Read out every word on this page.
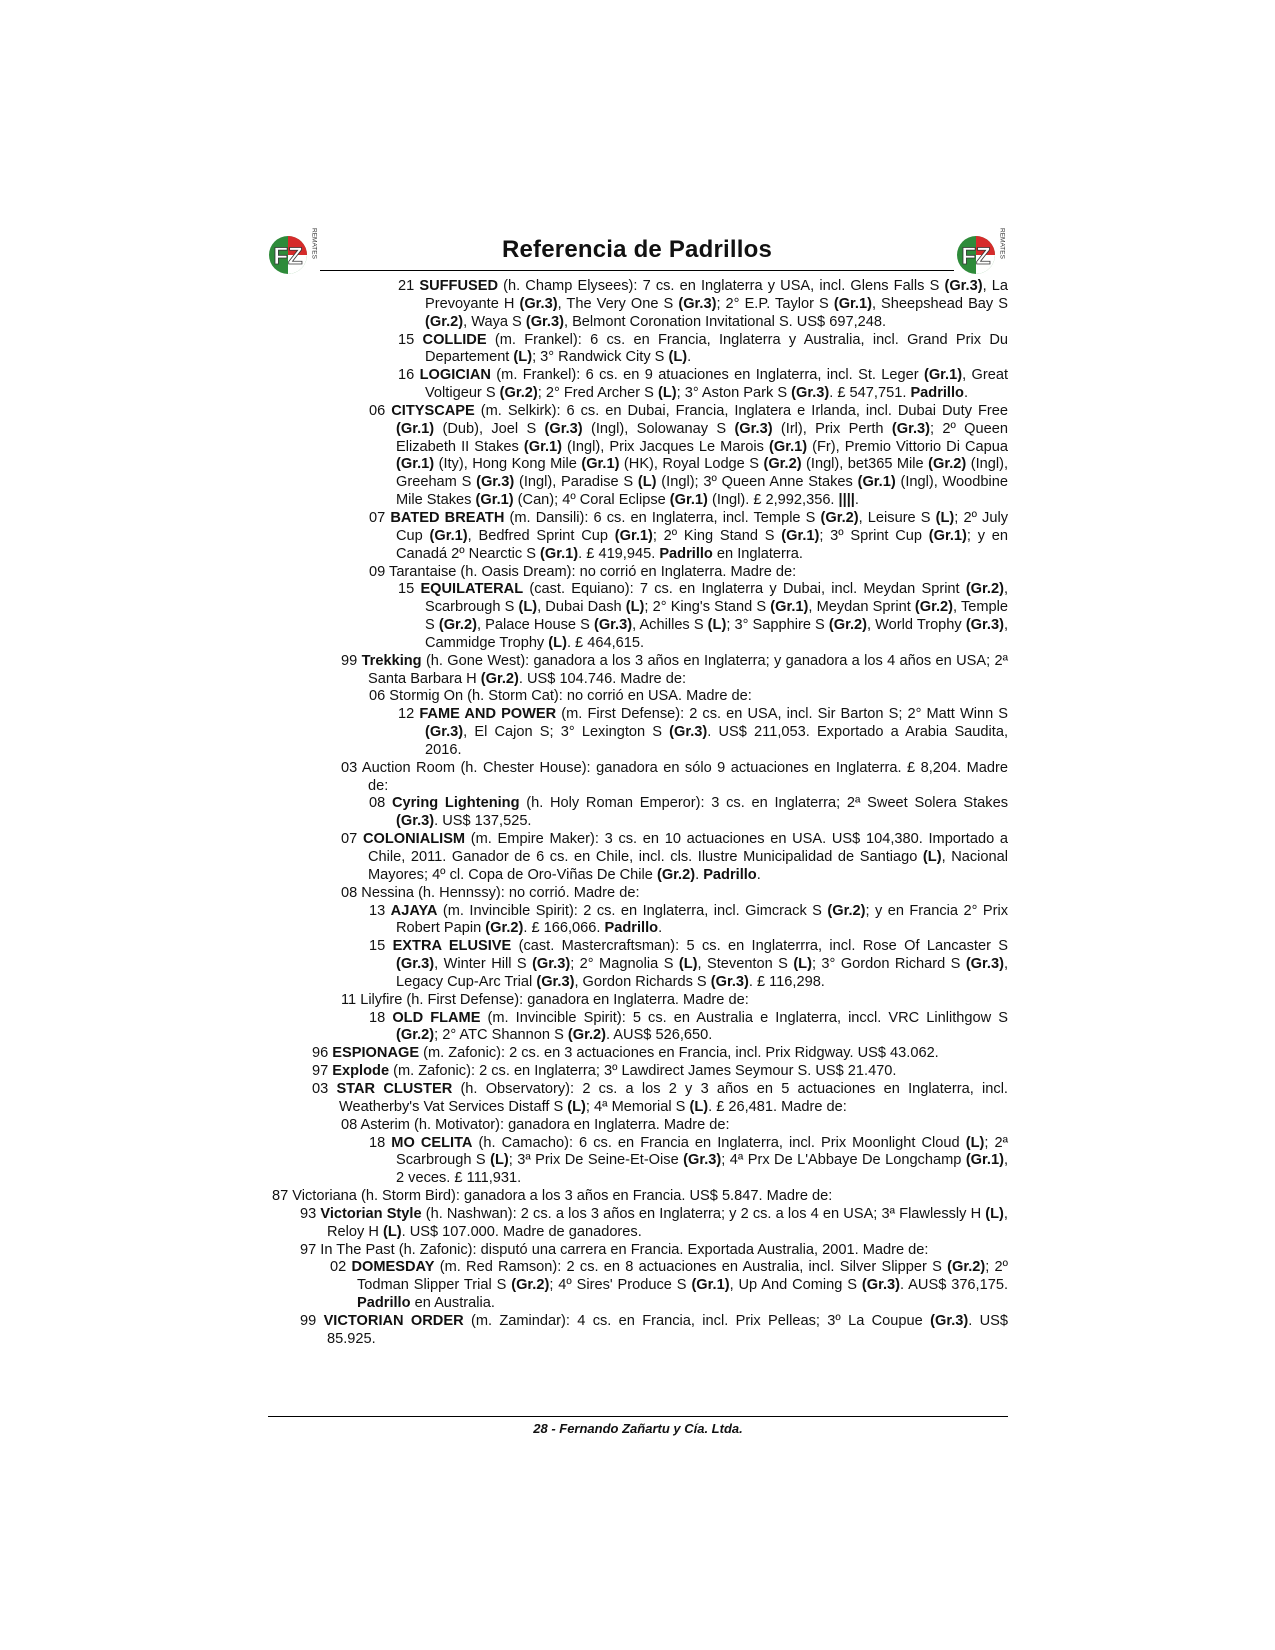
FZ REMATES	Referencia de Padrillos	FZ REMATES
21 SUFFUSED (h. Champ Elysees): 7 cs. en Inglaterra y USA, incl. Glens Falls S (Gr.3), La Prevoyante H (Gr.3), The Very One S (Gr.3); 2° E.P. Taylor S (Gr.1), Sheepshead Bay S (Gr.2), Waya S (Gr.3), Belmont Coronation Invitational S. US$ 697,248.
15 COLLIDE (m. Frankel): 6 cs. en Francia, Inglaterra y Australia, incl. Grand Prix Du Departement (L); 3° Randwick City S (L).
16 LOGICIAN (m. Frankel): 6 cs. en 9 atuaciones en Inglaterra, incl. St. Leger (Gr.1), Great Voltigeur S (Gr.2); 2° Fred Archer S (L); 3° Aston Park S (Gr.3). £ 547,751. Padrillo.
06 CITYSCAPE (m. Selkirk): 6 cs. en Dubai, Francia, Inglatera e Irlanda, incl. Dubai Duty Free (Gr.1) (Dub), Joel S (Gr.3) (Ingl), Solowanay S (Gr.3) (Irl), Prix Perth (Gr.3); 2º Queen Elizabeth II Stakes (Gr.1) (Ingl), Prix Jacques Le Marois (Gr.1) (Fr), Premio Vittorio Di Capua (Gr.1) (Ity), Hong Kong Mile (Gr.1) (HK), Royal Lodge S (Gr.2) (Ingl), bet365 Mile (Gr.2) (Ingl), Greeham S (Gr.3) (Ingl), Paradise S (L) (Ingl); 3º Queen Anne Stakes (Gr.1) (Ingl), Woodbine Mile Stakes (Gr.1) (Can); 4º Coral Eclipse (Gr.1) (Ingl). £ 2,992,356. ||||.
07 BATED BREATH (m. Dansili): 6 cs. en Inglaterra, incl. Temple S (Gr.2), Leisure S (L); 2º July Cup (Gr.1), Bedfred Sprint Cup (Gr.1); 2º King Stand S (Gr.1); 3º Sprint Cup (Gr.1); y en Canadá 2º Nearctic S (Gr.1). £ 419,945. Padrillo en Inglaterra.
09 Tarantaise (h. Oasis Dream): no corrió en Inglaterra. Madre de:
15 EQUILATERAL (cast. Equiano): 7 cs. en Inglaterra y Dubai, incl. Meydan Sprint (Gr.2), Scarbrough S (L), Dubai Dash (L); 2° King's Stand S (Gr.1), Meydan Sprint (Gr.2), Temple S (Gr.2), Palace House S (Gr.3), Achilles S (L); 3° Sapphire S (Gr.2), World Trophy (Gr.3), Cammidge Trophy (L). £ 464,615.
99 Trekking (h. Gone West): ganadora a los 3 años en Inglaterra; y ganadora a los 4 años en USA; 2ª Santa Barbara H (Gr.2). US$ 104.746. Madre de:
06 Stormig On (h. Storm Cat): no corrió en USA. Madre de:
12 FAME AND POWER (m. First Defense): 2 cs. en USA, incl. Sir Barton S; 2° Matt Winn S (Gr.3), El Cajon S; 3° Lexington S (Gr.3). US$ 211,053. Exportado a Arabia Saudita, 2016.
03 Auction Room (h. Chester House): ganadora en sólo 9 actuaciones en Inglaterra. £ 8,204. Madre de:
08 Cyring Lightening (h. Holy Roman Emperor): 3 cs. en Inglaterra; 2ª Sweet Solera Stakes (Gr.3). US$ 137,525.
07 COLONIALISM (m. Empire Maker): 3 cs. en 10 actuaciones en USA. US$ 104,380. Importado a Chile, 2011. Ganador de 6 cs. en Chile, incl. cls. Ilustre Municipalidad de Santiago (L), Nacional Mayores; 4º cl. Copa de Oro-Viñas De Chile (Gr.2). Padrillo.
08 Nessina (h. Hennssy): no corrió. Madre de:
13 AJAYA (m. Invincible Spirit): 2 cs. en Inglaterra, incl. Gimcrack S (Gr.2); y en Francia 2° Prix Robert Papin (Gr.2). £ 166,066. Padrillo.
15 EXTRA ELUSIVE (cast. Mastercraftsman): 5 cs. en Inglaterrra, incl. Rose Of Lancaster S (Gr.3), Winter Hill S (Gr.3); 2° Magnolia S (L), Steventon S (L); 3° Gordon Richard S (Gr.3), Legacy Cup-Arc Trial (Gr.3), Gordon Richards S (Gr.3). £ 116,298.
11 Lilyfire (h. First Defense): ganadora en Inglaterra. Madre de:
18 OLD FLAME (m. Invincible Spirit): 5 cs. en Australia e Inglaterra, inccl. VRC Linlithgow S (Gr.2); 2° ATC Shannon S (Gr.2). AUS$ 526,650.
96 ESPIONAGE (m. Zafonic): 2 cs. en 3 actuaciones en Francia, incl. Prix Ridgway. US$ 43.062.
97 Explode (m. Zafonic): 2 cs. en Inglaterra; 3º Lawdirect James Seymour S. US$ 21.470.
03 STAR CLUSTER (h. Observatory): 2 cs. a los 2 y 3 años en 5 actuaciones en Inglaterra, incl. Weatherby's Vat Services Distaff S (L); 4ª Memorial S (L). £ 26,481. Madre de:
08 Asterim (h. Motivator): ganadora en Inglaterra. Madre de:
18 MO CELITA (h. Camacho): 6 cs. en Francia en Inglaterra, incl. Prix Moonlight Cloud (L); 2ª Scarbrough S (L); 3ª Prix De Seine-Et-Oise (Gr.3); 4ª Prx De L'Abbaye De Longchamp (Gr.1), 2 veces. £ 111,931.
87 Victoriana (h. Storm Bird): ganadora a los 3 años en Francia. US$ 5.847. Madre de:
93 Victorian Style (h. Nashwan): 2 cs. a los 3 años en Inglaterra; y 2 cs. a los 4 en USA; 3ª Flawlessly H (L), Reloy H (L). US$ 107.000. Madre de ganadores.
97 In The Past (h. Zafonic): disputó una carrera en Francia. Exportada Australia, 2001. Madre de:
02 DOMESDAY (m. Red Ramson): 2 cs. en 8 actuaciones en Australia, incl. Silver Slipper S (Gr.2); 2º Todman Slipper Trial S (Gr.2); 4º Sires' Produce S (Gr.1), Up And Coming S (Gr.3). AUS$ 376,175. Padrillo en Australia.
99 VICTORIAN ORDER (m. Zamindar): 4 cs. en Francia, incl. Prix Pelleas; 3º La Coupue (Gr.3). US$ 85.925.
28 - Fernando Zañartu y Cía. Ltda.
